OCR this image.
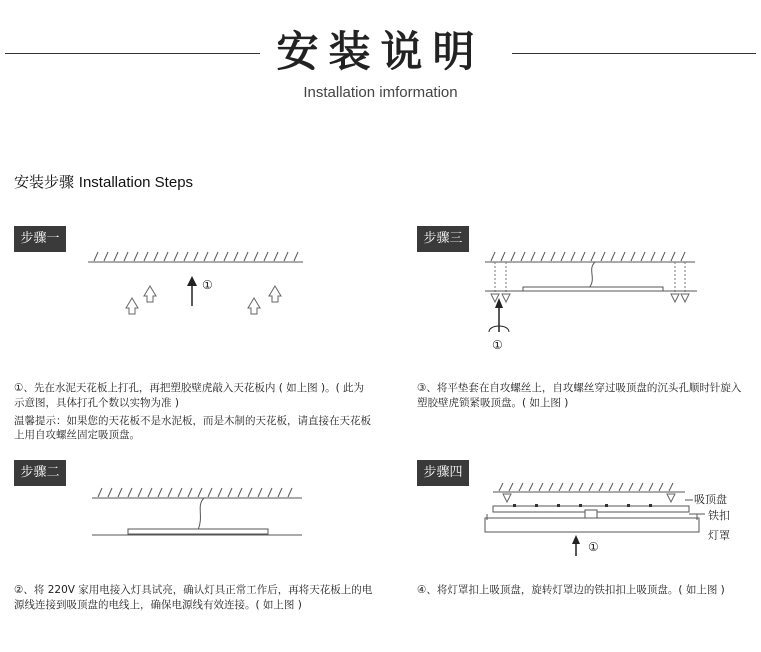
安装说明
Installation imformation
安装步骤 Installation Steps
步骤一
①
①、先在水泥天花板上打孔，再把塑胶壁虎敲入天花板内 ( 如上图 )。( 此为
示意图，具体打孔个数以实物为准 )
温馨提示：如果您的天花板不是水泥板，而是木制的天花板，请直接在天花板
上用自攻螺丝固定吸顶盘。
步骤二
②、将 220V 家用电接入灯具试亮，确认灯具正常工作后，再将天花板上的电
源线连接到吸顶盘的电线上，确保电源线有效连接。( 如上图 )
步骤三
①
③、将平垫套在自攻螺丝上，自攻螺丝穿过吸顶盘的沉头孔顺时针旋入
塑胶壁虎锁紧吸顶盘。( 如上图 )
步骤四
吸顶盘
铁扣
灯罩
①
④、将灯罩扣上吸顶盘，旋转灯罩边的铁扣扣上吸顶盘。( 如上图 )
